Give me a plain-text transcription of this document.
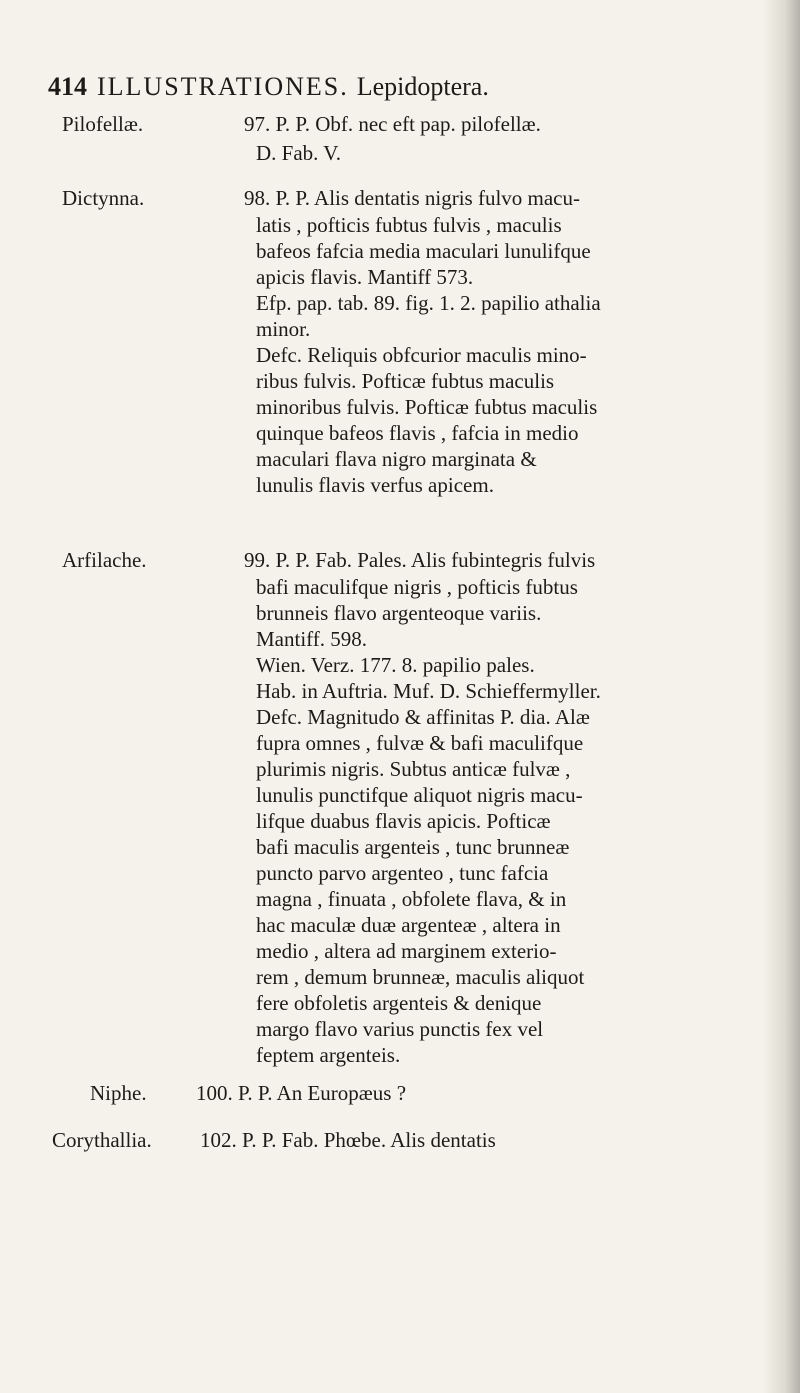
414 ILLUSTRATIONES. Lepidoptera.
Pilofellæ.	97. P. P. Obf. nec eft pap. pilofellæ.
D. Fab. V.
Dictynna.	98. P. P. Alis dentatis nigris fulvo macu-
latis , pofticis fubtus fulvis , maculis
bafeos fafcia media maculari lunulifque
apicis flavis. Mantiff 573.
Efp. pap. tab. 89. fig. 1. 2. papilio athalia
minor.
Defc. Reliquis obfcurior maculis mino-
ribus fulvis. Pofticæ fubtus maculis
minoribus fulvis. Pofticæ fubtus maculis
quinque bafeos flavis , fafcia in medio
maculari flava nigro marginata &
lunulis flavis verfus apicem.
Arfilache.	99. P. P. Fab. Pales. Alis fubintegris fulvis
bafi maculifque nigris , pofticis fubtus
brunneis flavo argenteoque variis.
Mantiff. 598.
Wien. Verz. 177. 8. papilio pales.
Hab. in Auftria. Muf. D. Schieffermyller.
Defc. Magnitudo & affinitas P. dia. Alæ
fupra omnes , fulvæ & bafi maculifque
plurimis nigris. Subtus anticæ fulvæ ,
lunulis punctifque aliquot nigris macu-
lifque duabus flavis apicis. Pofticæ
bafi maculis argenteis , tunc brunneæ
puncto parvo argenteo , tunc fafcia
magna , finuata , obfolete flava, & in
hac maculæ duæ argenteæ , altera in
medio , altera ad marginem exterio-
rem , demum brunneæ, maculis aliquot
fere obfoletis argenteis & denique
margo flavo varius punctis fex vel
feptem argenteis.
Niphe. 100. P. P. An Europæus ?
Corythallia. 102. P. P. Fab. Phœbe. Alis dentatis
